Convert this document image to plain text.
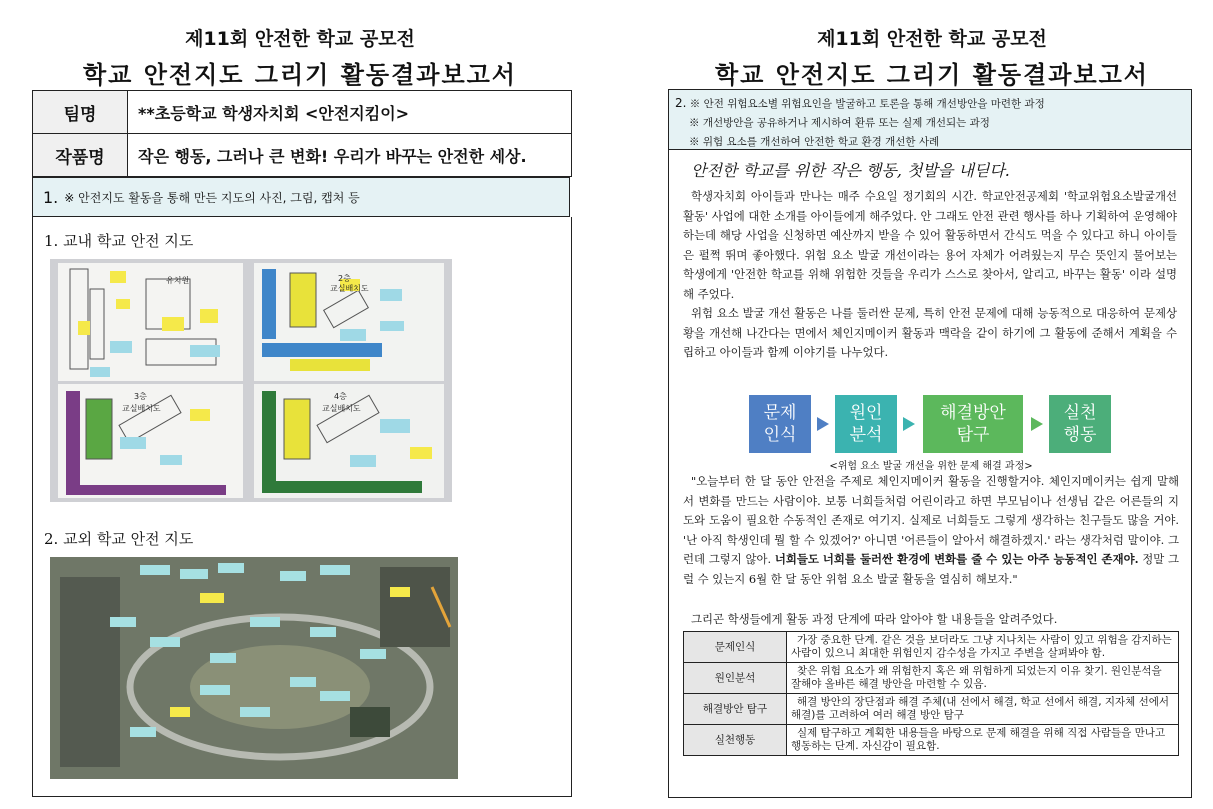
제11회 안전한 학교 공모전
학교 안전지도 그리기 활동결과보고서
팀명	**초등학교 학생자치회 <안전지킴이>
작품명	작은 행동, 그러나 큰 변화! 우리가 바꾸는 안전한 세상.
1. ※ 안전지도 활동을 통해 만든 지도의 사진, 그림, 캡처 등
1. 교내 학교 안전 지도
유치원	2층
교실배치도
3층
교실배치도
4층
교실배치도
2. 교외 학교 안전 지도
제11회 안전한 학교 공모전
학교 안전지도 그리기 활동결과보고서
2. ※ 안전 위험요소별 위험요인을 발굴하고 토론을 통해 개선방안을 마련한 과정
※ 개선방안을 공유하거나 제시하여 환류 또는 실제 개선되는 과정
※ 위험 요소를 개선하여 안전한 학교 환경 개선한 사례
안전한 학교를 위한 작은 행동, 첫발을 내딛다.
학생자치회 아이들과 만나는 매주 수요일 정기회의 시간. 학교안전공제회 '학교위험요소발굴개선활동' 사업에 대한 소개를 아이들에게 해주었다. 안 그래도 안전 관련 행사를 하나 기획하여 운영해야 하는데 해당 사업을 신청하면 예산까지 받을 수 있어 활동하면서 간식도 먹을 수 있다고 하니 아이들은 펄쩍 뛰며 좋아했다. 위험 요소 발굴 개선이라는 용어 자체가 어려웠는지 무슨 뜻인지 물어보는 학생에게 '안전한 학교를 위해 위험한 것들을 우리가 스스로 찾아서, 알리고, 바꾸는 활동' 이라 설명해 주었다.
위험 요소 발굴 개선 활동은 나를 둘러싼 문제, 특히 안전 문제에 대해 능동적으로 대응하여 문제상황을 개선해 나간다는 면에서 체인지메이커 활동과 맥락을 같이 하기에 그 활동에 준해서 계획을 수립하고 아이들과 함께 이야기를 나누었다.
문제
인식
원인
분석
해결방안
탐구
실천
행동
<위험 요소 발굴 개선을 위한 문제 해결 과정>
"오늘부터 한 달 동안 안전을 주제로 체인지메이커 활동을 진행할거야. 체인지메이커는 쉽게 말해서 변화를 만드는 사람이야. 보통 너희들처럼 어린이라고 하면 부모님이나 선생님 같은 어른들의 지도와 도움이 필요한 수동적인 존재로 여기지. 실제로 너희들도 그렇게 생각하는 친구들도 많을 거야. '난 아직 학생인데 뭘 할 수 있겠어?' 아니면 '어른들이 알아서 해결하겠지.' 라는 생각처럼 말이야. 그런데 그렇지 않아. 너희들도 너희를 둘러싼 환경에 변화를 줄 수 있는 아주 능동적인 존재야. 정말 그럴 수 있는지 6월 한 달 동안 위험 요소 발굴 활동을 열심히 해보자."
그리곤 학생들에게 활동 과정 단계에 따라 알아야 할 내용들을 알려주었다.
문제인식	가장 중요한 단계. 같은 것을 보더라도 그냥 지나치는 사람이 있고 위험을 감지하는 사람이 있으니 최대한 위험인지 감수성을 가지고 주변을 살펴봐야 함.
원인분석	찾은 위험 요소가 왜 위험한지 혹은 왜 위험하게 되었는지 이유 찾기. 원인분석을 잘해야 올바른 해결 방안을 마련할 수 있음.
해결방안 탐구	해결 방안의 장단점과 해결 주체(내 선에서 해결, 학교 선에서 해결, 지자체 선에서 해결)를 고려하여 여러 해결 방안 탐구
실천행동	실제 탐구하고 계획한 내용들을 바탕으로 문제 해결을 위해 직접 사람들을 만나고 행동하는 단계. 자신감이 필요함.
